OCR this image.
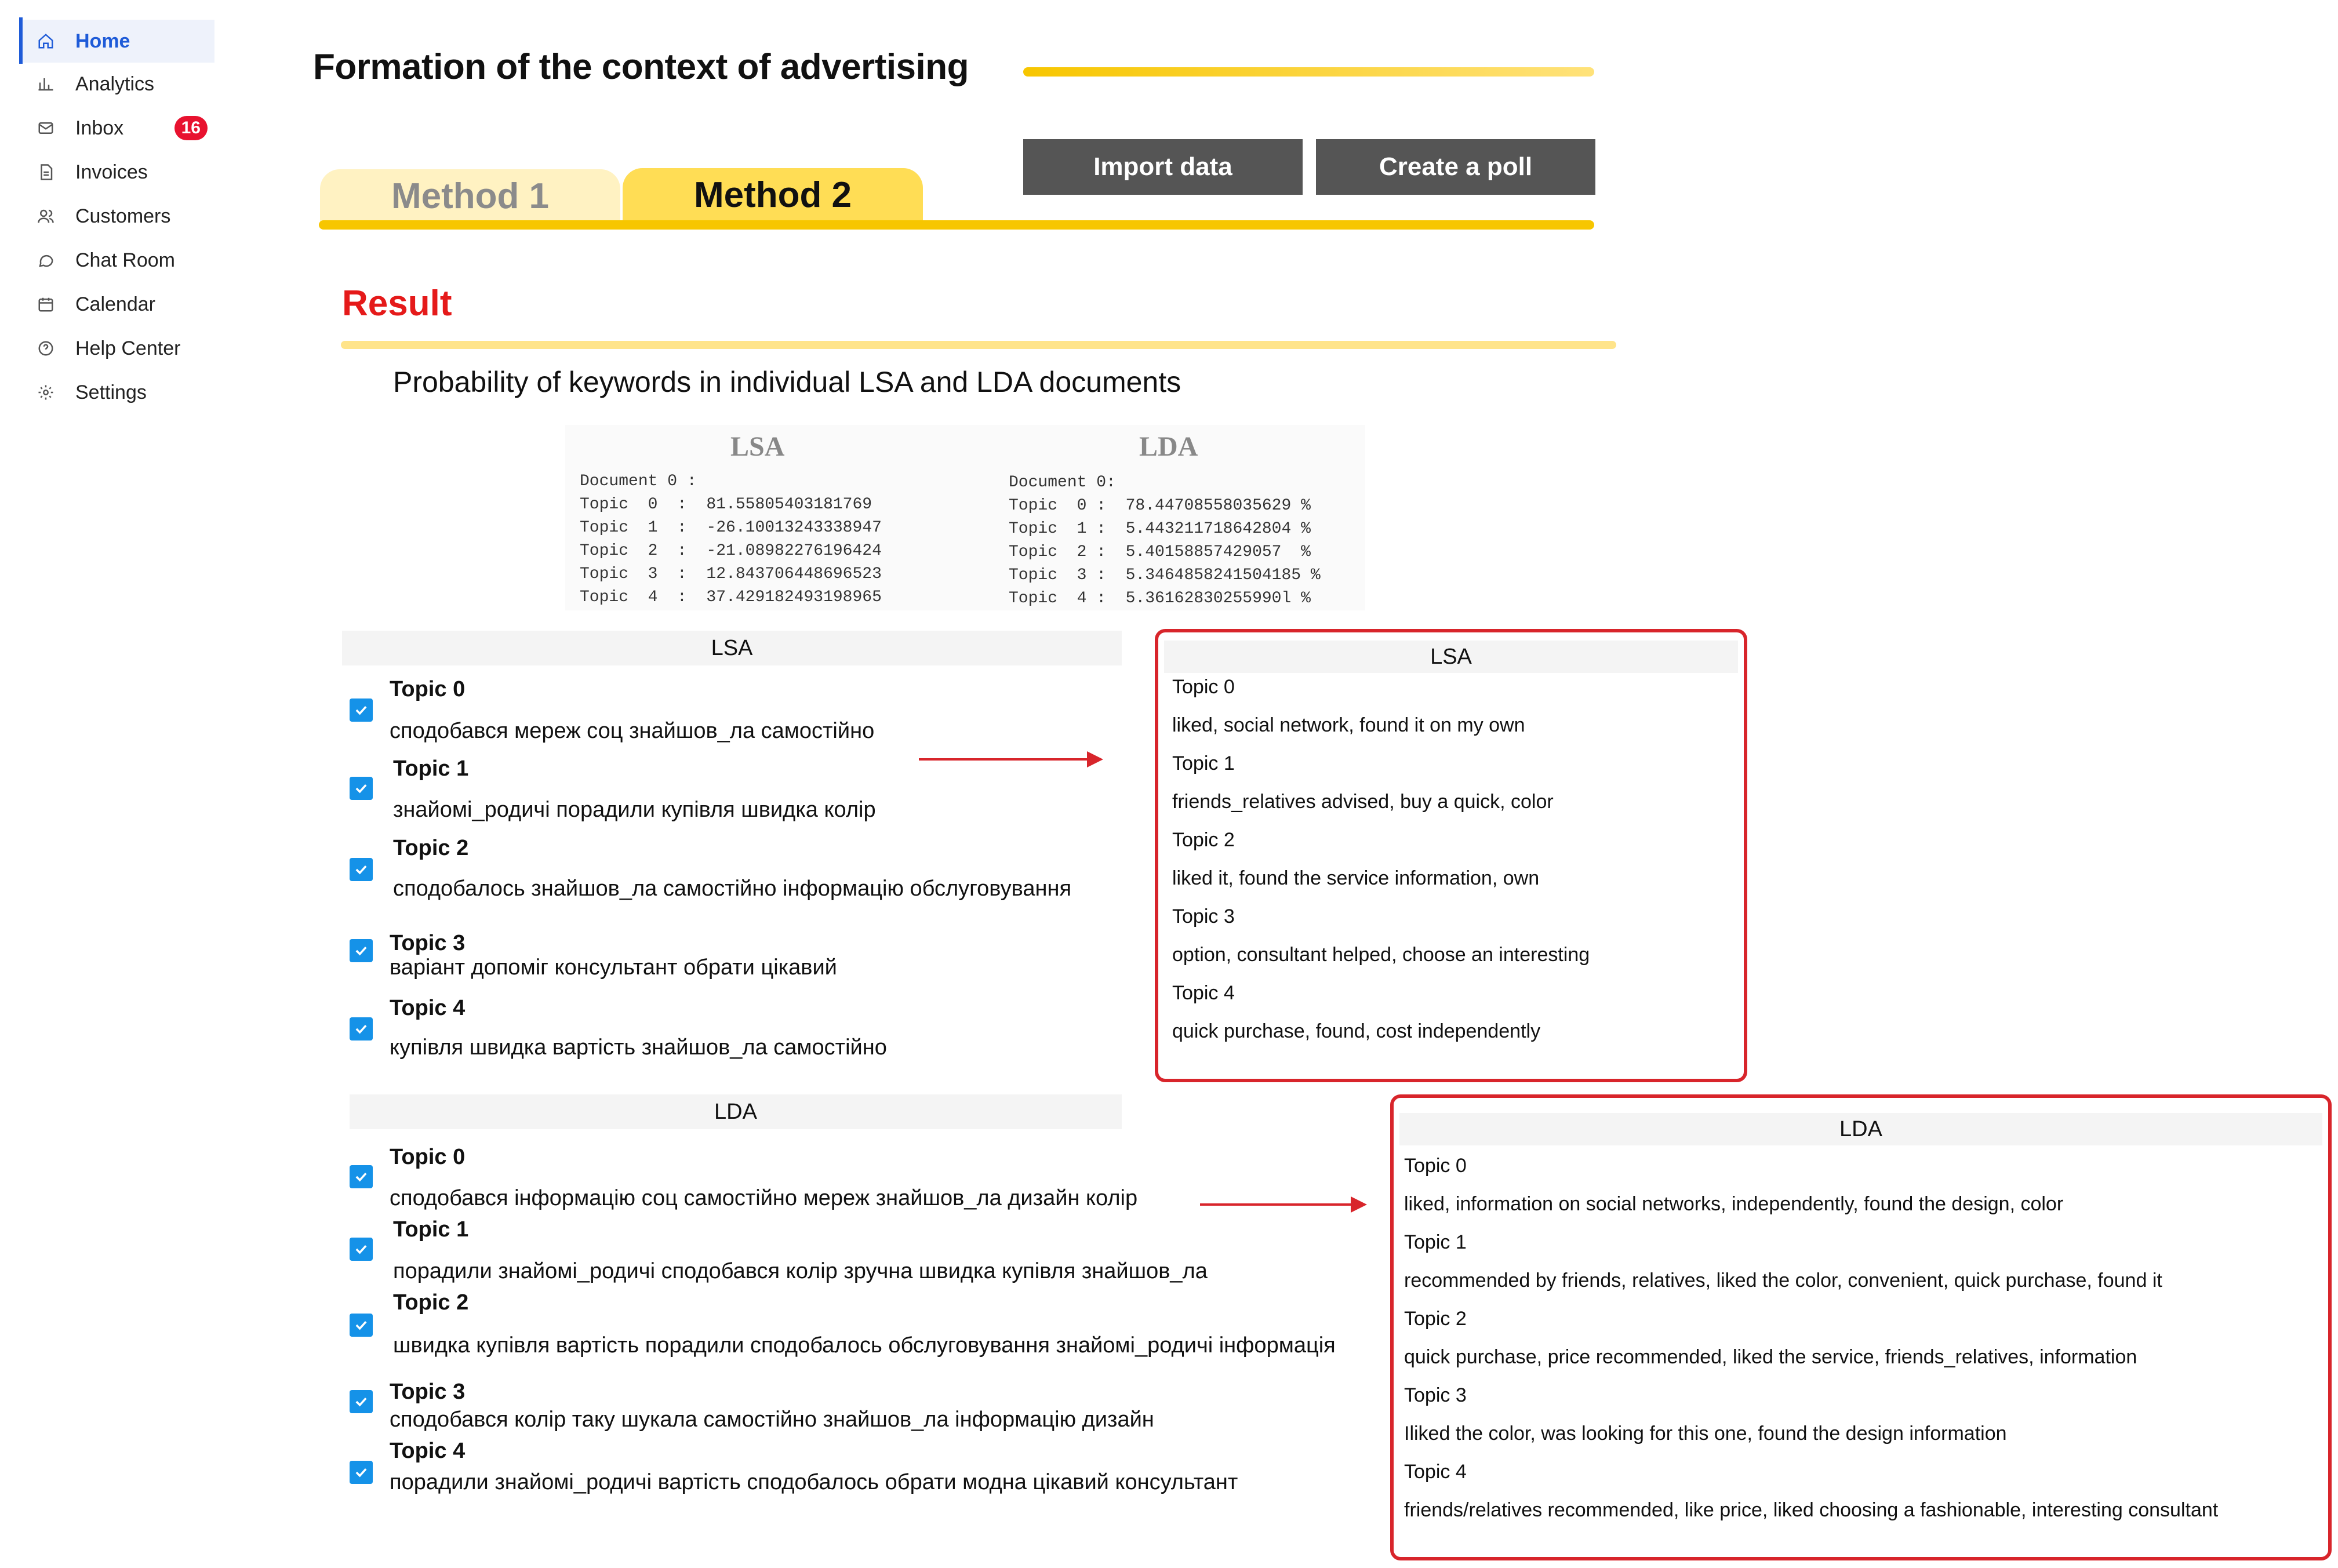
Home
Analytics
Inbox	16
Invoices
Customers
Chat Room
Calendar
Help Center
Settings
Formation of the context of advertising
Method 1	Method 2
Import data	Create a poll
Result
Probability of keywords in individual LSA and LDA documents
LSA	LDA
Document 0 :
Topic  0  :  81.55805403181769
Topic  1  :  -26.10013243338947
Topic  2  :  -21.08982276196424
Topic  3  :  12.843706448696523
Topic  4  :  37.429182493198965
Document 0:
Topic  0 :  78.44708558035629 %
Topic  1 :  5.443211718642804 %
Topic  2 :  5.40158857429057  %
Topic  3 :  5.3464858241504185 %
Topic  4 :  5.36162830255990l %
LSA
Topic 0
сподобався мереж соц знайшов_ла самостійно
Topic 1
знайомі_родичі порадили купівля швидка колір
Topic 2
сподобалось знайшов_ла самостійно інформацію обслуговування
Topic 3
варіант допоміг консультант обрати цікавий
Topic 4
купівля швидка вартість знайшов_ла самостійно
LSA
Topic 0
liked, social network, found it on my own
Topic 1
friends_relatives advised, buy a quick, color
Topic 2
liked it, found the service information, own
Topic 3
option, consultant helped, choose an interesting
Topic 4
quick purchase, found, cost independently
LDA
Topic 0
сподобався інформацію соц самостійно мереж знайшов_ла дизайн колір
Topic 1
порадили знайомі_родичі сподобався колір зручна швидка купівля знайшов_ла
Topic 2
швидка купівля вартість порадили сподобалось обслуговування знайомі_родичі інформація
Topic 3
сподобався колір таку шукала самостійно знайшов_ла інформацію дизайн
Topic 4
порадили знайомі_родичі вартість сподобалось обрати модна цікавий консультант
LDA
Topic 0
liked, information on social networks, independently, found the design, color
Topic 1
recommended by friends, relatives, liked the color, convenient, quick purchase, found it
Topic 2
quick purchase, price recommended, liked the service, friends_relatives, information
Topic 3
Iliked the color, was looking for this one, found the design information
Topic 4
friends/relatives recommended, like price, liked choosing a fashionable, interesting consultant
